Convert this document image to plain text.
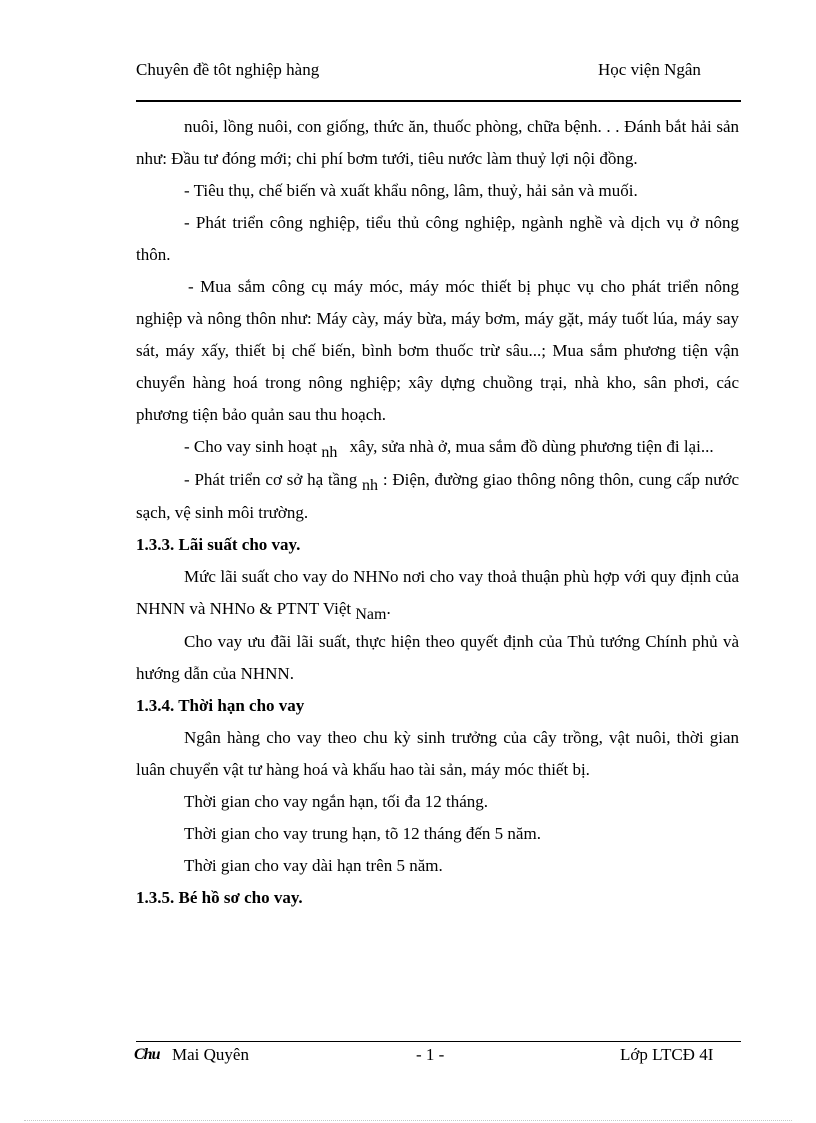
Chuyên đề tôt nghiệp hàng	Học viện Ngân

nuôi, lồng nuôi, con giống, thức ăn, thuốc phòng, chữa bệnh. . . Đánh bắt hải sản như: Đầu tư đóng mới; chi phí bơm tưới, tiêu nước làm thuỷ lợi nội đồng.

- Tiêu thụ, chế biến và xuất khẩu nông, lâm, thuỷ, hải sản và muối.

- Phát triển công nghiệp, tiểu thủ công nghiệp, ngành nghề và dịch vụ ở nông thôn.

- Mua sắm công cụ máy móc, máy móc thiết bị phục vụ cho phát triển nông nghiệp và nông thôn như: Máy cày, máy bừa, máy bơm, máy gặt, máy tuốt lúa, máy say sát, máy xấy, thiết bị chế biến, bình bơm thuốc trừ sâu...; Mua sắm phương tiện vận chuyển hàng hoá trong nông nghiệp; xây dựng chuồng trại, nhà kho, sân phơi, các phương tiện bảo quản sau thu hoạch.

- Cho vay sinh hoạt nh xây, sửa nhà ở, mua sắm đồ dùng phương tiện đi lại...

- Phát triển cơ sở hạ tầng nh : Điện, đường giao thông nông thôn, cung cấp nước sạch, vệ sinh môi trường.

1.3.3. Lãi suất cho vay.

Mức lãi suất cho vay do NHNo nơi cho vay thoả thuận phù hợp với quy định của NHNN và NHNo & PTNT Việt Nam.

Cho vay ưu đãi lãi suất, thực hiện theo quyết định của Thủ tướng Chính phủ và hướng dẫn của NHNN.

1.3.4. Thời hạn cho vay

Ngân hàng cho vay theo chu kỳ sinh trưởng của cây trồng, vật nuôi, thời gian luân chuyển vật tư hàng hoá và khấu hao tài sản, máy móc thiết bị.

Thời gian cho vay ngắn hạn, tối đa 12 tháng.

Thời gian cho vay trung hạn, tõ 12 tháng đến 5 năm.

Thời gian cho vay dài hạn trên 5 năm.

1.3.5. Bé hồ sơ cho vay.

Chu Mai Quyên	- 1 -	Lớp LTCĐ 4I
